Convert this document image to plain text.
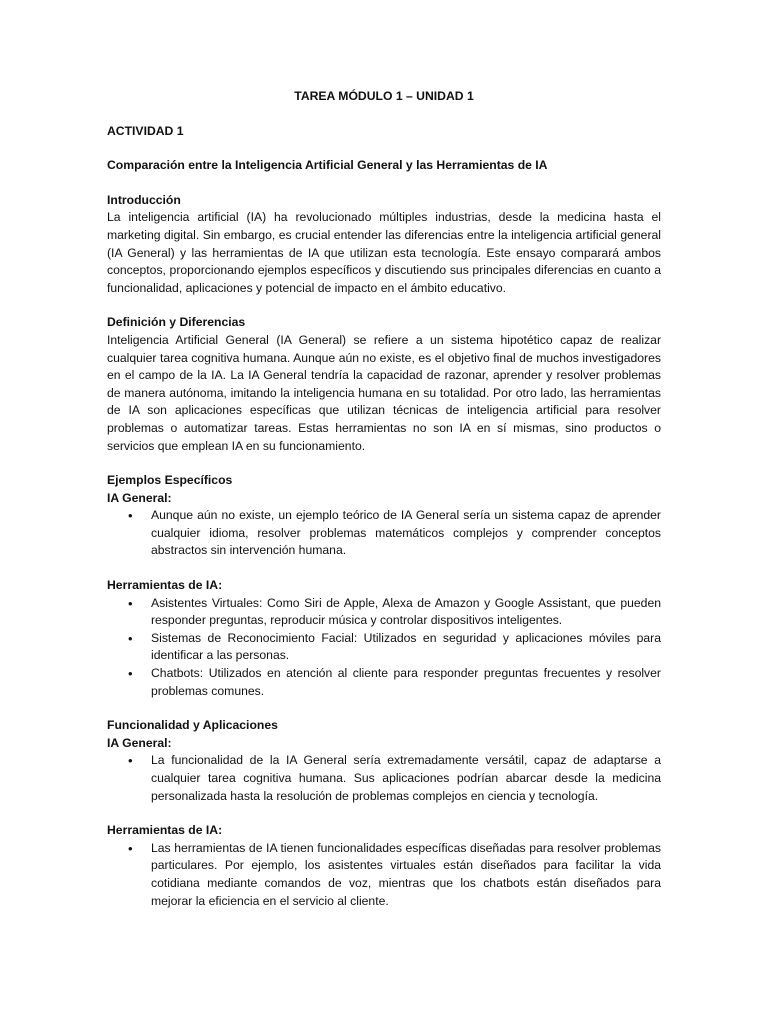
TAREA MÓDULO 1 – UNIDAD 1

ACTIVIDAD 1

Comparación entre la Inteligencia Artificial General y las Herramientas de IA

Introducción

La inteligencia artificial (IA) ha revolucionado múltiples industrias, desde la medicina hasta el marketing digital. Sin embargo, es crucial entender las diferencias entre la inteligencia artificial general (IA General) y las herramientas de IA que utilizan esta tecnología. Este ensayo comparará ambos conceptos, proporcionando ejemplos específicos y discutiendo sus principales diferencias en cuanto a funcionalidad, aplicaciones y potencial de impacto en el ámbito educativo.

Definición y Diferencias

Inteligencia Artificial General (IA General) se refiere a un sistema hipotético capaz de realizar cualquier tarea cognitiva humana. Aunque aún no existe, es el objetivo final de muchos investigadores en el campo de la IA. La IA General tendría la capacidad de razonar, aprender y resolver problemas de manera autónoma, imitando la inteligencia humana en su totalidad. Por otro lado, las herramientas de IA son aplicaciones específicas que utilizan técnicas de inteligencia artificial para resolver problemas o automatizar tareas. Estas herramientas no son IA en sí mismas, sino productos o servicios que emplean IA en su funcionamiento.

Ejemplos Específicos

IA General:

• Aunque aún no existe, un ejemplo teórico de IA General sería un sistema capaz de aprender cualquier idioma, resolver problemas matemáticos complejos y comprender conceptos abstractos sin intervención humana.

Herramientas de IA:

• Asistentes Virtuales: Como Siri de Apple, Alexa de Amazon y Google Assistant, que pueden responder preguntas, reproducir música y controlar dispositivos inteligentes.
• Sistemas de Reconocimiento Facial: Utilizados en seguridad y aplicaciones móviles para identificar a las personas.
• Chatbots: Utilizados en atención al cliente para responder preguntas frecuentes y resolver problemas comunes.

Funcionalidad y Aplicaciones

IA General:

• La funcionalidad de la IA General sería extremadamente versátil, capaz de adaptarse a cualquier tarea cognitiva humana. Sus aplicaciones podrían abarcar desde la medicina personalizada hasta la resolución de problemas complejos en ciencia y tecnología.

Herramientas de IA:

• Las herramientas de IA tienen funcionalidades específicas diseñadas para resolver problemas particulares. Por ejemplo, los asistentes virtuales están diseñados para facilitar la vida cotidiana mediante comandos de voz, mientras que los chatbots están diseñados para mejorar la eficiencia en el servicio al cliente.
